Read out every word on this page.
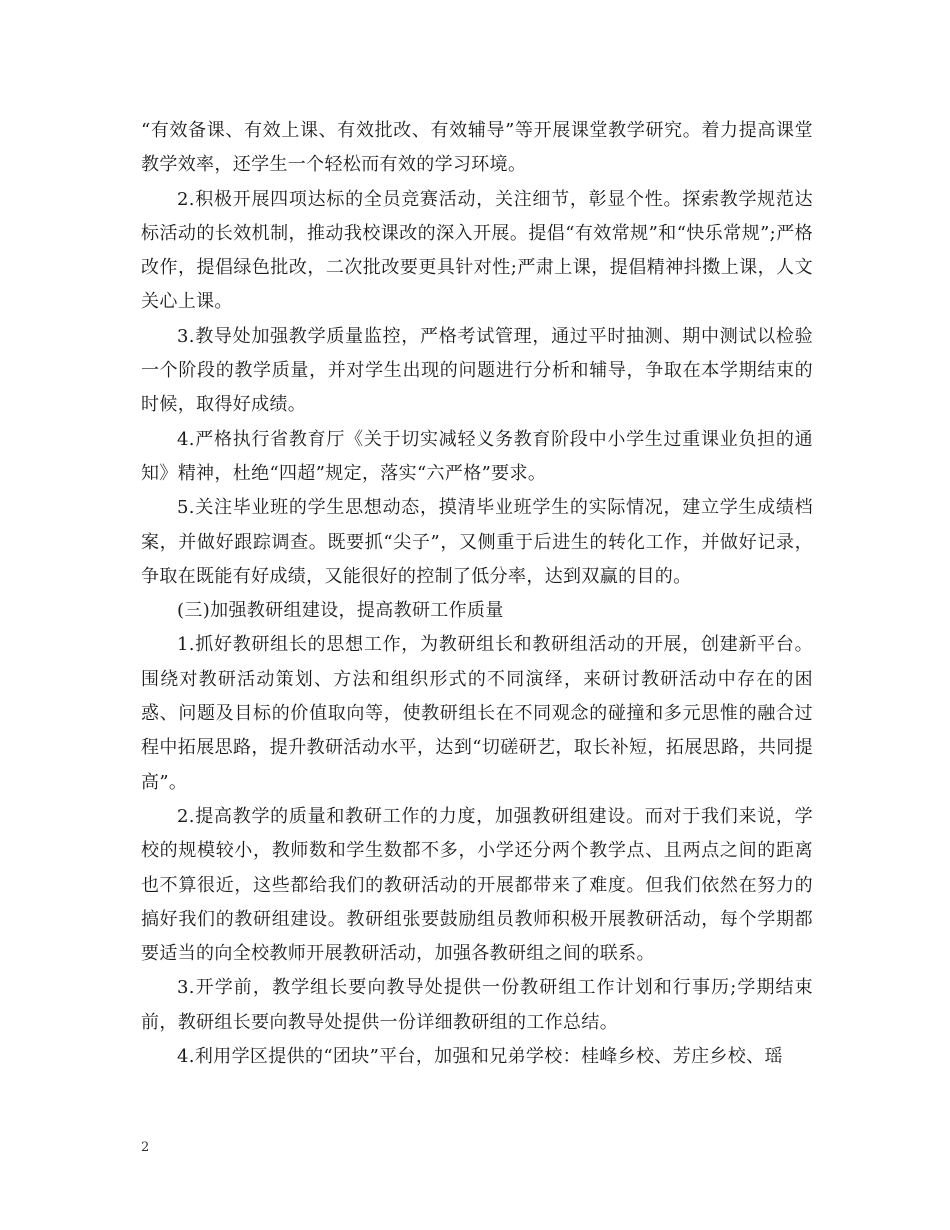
“有效备课、有效上课、有效批改、有效辅导”等开展课堂教学研究。着力提高课堂教学效率，还学生一个轻松而有效的学习环境。

2.积极开展四项达标的全员竞赛活动，关注细节，彰显个性。探索教学规范达标活动的长效机制，推动我校课改的深入开展。提倡“有效常规”和“快乐常规”;严格改作，提倡绿色批改，二次批改要更具针对性;严肃上课，提倡精神抖擞上课，人文关心上课。

3.教导处加强教学质量监控，严格考试管理，通过平时抽测、期中测试以检验一个阶段的教学质量，并对学生出现的问题进行分析和辅导，争取在本学期结束的时候，取得好成绩。

4.严格执行省教育厅《关于切实减轻义务教育阶段中小学生过重课业负担的通知》精神，杜绝“四超”规定，落实“六严格”要求。

5.关注毕业班的学生思想动态，摸清毕业班学生的实际情况，建立学生成绩档案，并做好跟踪调查。既要抓“尖子”，又侧重于后进生的转化工作，并做好记录，争取在既能有好成绩，又能很好的控制了低分率，达到双赢的目的。

(三)加强教研组建设，提高教研工作质量

1.抓好教研组长的思想工作，为教研组长和教研组活动的开展，创建新平台。围绕对教研活动策划、方法和组织形式的不同演绎，来研讨教研活动中存在的困惑、问题及目标的价值取向等，使教研组长在不同观念的碰撞和多元思惟的融合过程中拓展思路，提升教研活动水平，达到“切磋研艺，取长补短，拓展思路，共同提高”。

2.提高教学的质量和教研工作的力度，加强教研组建设。而对于我们来说，学校的规模较小，教师数和学生数都不多，小学还分两个教学点、且两点之间的距离也不算很近，这些都给我们的教研活动的开展都带来了难度。但我们依然在努力的搞好我们的教研组建设。教研组张要鼓励组员教师积极开展教研活动，每个学期都要适当的向全校教师开展教研活动，加强各教研组之间的联系。

3.开学前，教学组长要向教导处提供一份教研组工作计划和行事历;学期结束前，教研组长要向教导处提供一份详细教研组的工作总结。

4.利用学区提供的“团块”平台，加强和兄弟学校：桂峰乡校、芳庄乡校、瑶

2
